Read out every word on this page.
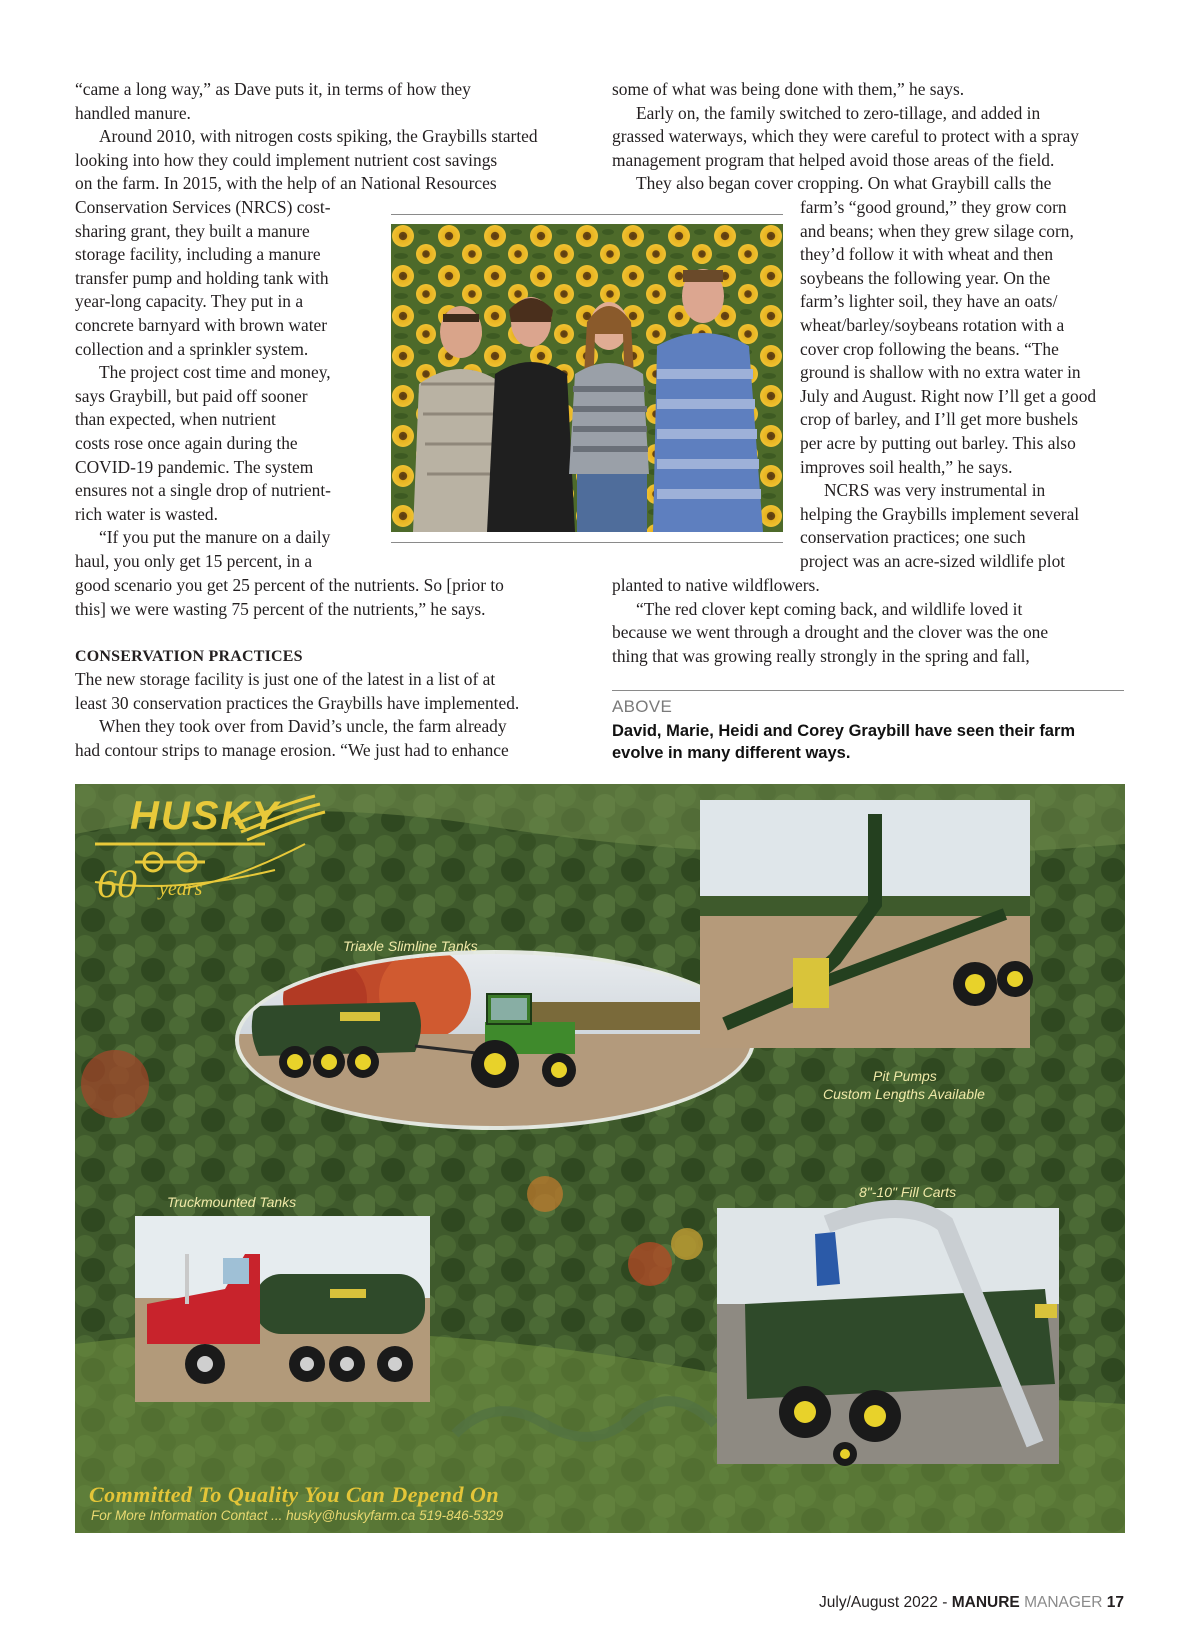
“came a long way,” as Dave puts it, in terms of how they
handled manure.
Around 2010, with nitrogen costs spiking, the Graybills started
looking into how they could implement nutrient cost savings
on the farm. In 2015, with the help of an National Resources
Conservation Services (NRCS) cost-
sharing grant, they built a manure
storage facility, including a manure
transfer pump and holding tank with
year-long capacity. They put in a
concrete barnyard with brown water
collection and a sprinkler system.
The project cost time and money,
says Graybill, but paid off sooner
than expected, when nutrient
costs rose once again during the
COVID-19 pandemic. The system
ensures not a single drop of nutrient-
rich water is wasted.
“If you put the manure on a daily
haul, you only get 15 percent, in a
good scenario you get 25 percent of the nutrients. So [prior to
this] we were wasting 75 percent of the nutrients,” he says.
CONSERVATION PRACTICES
The new storage facility is just one of the latest in a list of at
least 30 conservation practices the Graybills have implemented.
When they took over from David’s uncle, the farm already
had contour strips to manage erosion. “We just had to enhance
some of what was being done with them,” he says.
Early on, the family switched to zero-tillage, and added in
grassed waterways, which they were careful to protect with a spray
management program that helped avoid those areas of the field.
They also began cover cropping. On what Graybill calls the
farm’s “good ground,” they grow corn
and beans; when they grew silage corn,
they’d follow it with wheat and then
soybeans the following year. On the
farm’s lighter soil, they have an oats/
wheat/barley/soybeans rotation with a
cover crop following the beans. “The
ground is shallow with no extra water in
July and August. Right now I’ll get a good
crop of barley, and I’ll get more bushels
per acre by putting out barley. This also
improves soil health,” he says.
NCRS was very instrumental in
helping the Graybills implement several
conservation practices; one such
project was an acre-sized wildlife plot
planted to native wildflowers.
“The red clover kept coming back, and wildlife loved it
because we went through a drought and the clover was the one
thing that was growing really strongly in the spring and fall,
ABOVE
David, Marie, Heidi and Corey Graybill have seen their farm evolve in many different ways.
HUSKY
60 years
Triaxle Slimline Tanks
Pit Pumps
Custom Lengths Available
Truckmounted Tanks
8"-10" Fill Carts
Committed To Quality You Can Depend On
For More Information Contact ... husky@huskyfarm.ca 519-846-5329
July/August 2022 - MANURE MANAGER 17
